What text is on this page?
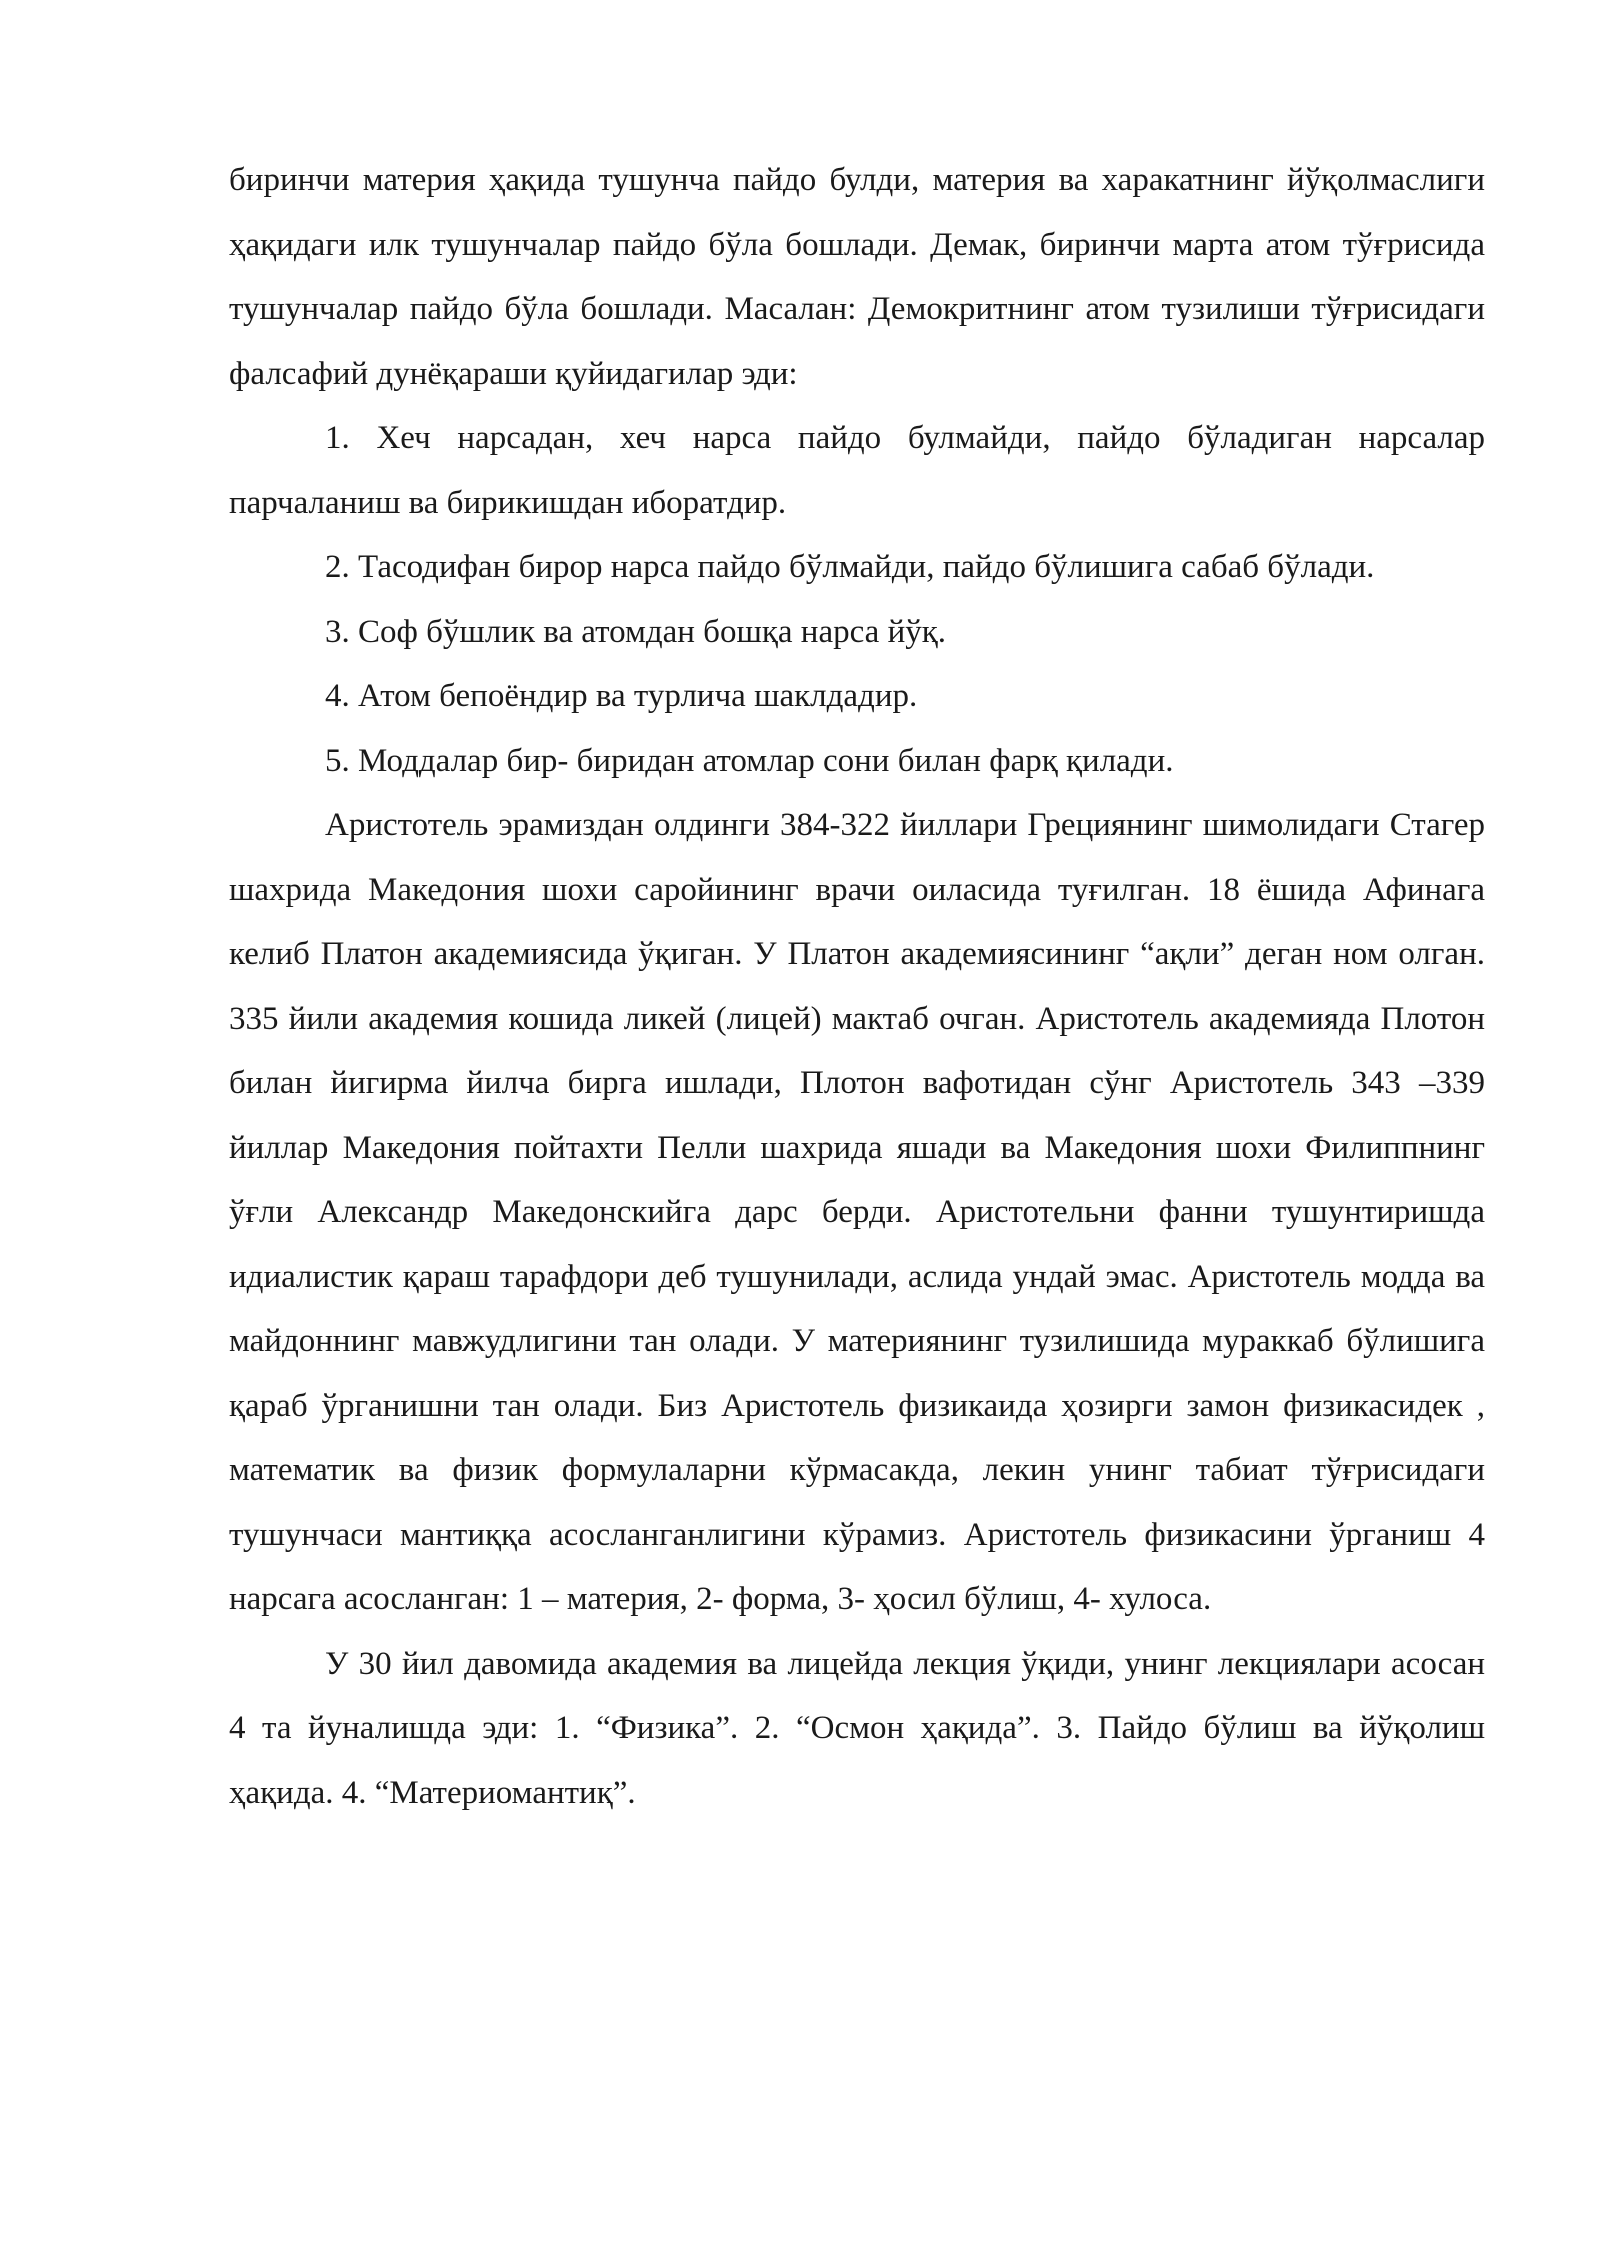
биринчи материя ҳақида тушунча пайдо булди, материя ва харакатнинг йўқолмаслиги ҳақидаги илк тушунчалар пайдо бўла бошлади. Демак, биринчи марта атом тўғрисида тушунчалар пайдо бўла бошлади. Масалан: Демокритнинг атом тузилиши тўғрисидаги фалсафий дунёқараши қуйидагилар эди:

1. Хеч нарсадан, хеч нарса пайдо булмайди, пайдо бўладиган нарсалар парчаланиш ва бирикишдан иборатдир.

2. Тасодифан бирор нарса пайдо бўлмайди, пайдо бўлишига сабаб бўлади.

3. Соф бўшлик ва атомдан бошқа нарса йўқ.

4. Атом бепоёндир ва турлича шаклдадир.

5. Моддалар бир- биридан атомлар сони билан фарқ қилади.

Аристотель эрамиздан олдинги 384-322 йиллари Грециянинг шимолидаги Стагер шахрида Македония шохи саройининг врачи оиласида туғилган. 18 ёшида Афинага келиб Платон академиясида ўқиган. У Платон академиясининг “ақли” деган ном олган. 335 йили академия кошида ликей (лицей) мактаб очган. Аристотель академияда Плотон билан йигирма йилча бирга ишлади, Плотон вафотидан сўнг Аристотель 343 –339 йиллар Македония пойтахти Пелли шахрида яшади ва Македония шохи Филиппнинг ўғли Александр Македонскийга дарс берди. Аристотельни фанни тушунтиришда идиалистик қараш тарафдори деб тушунилади, аслида ундай эмас. Аристотель модда ва майдоннинг мавжудлигини тан олади. У материянинг тузилишида мураккаб бўлишига қараб ўрганишни тан олади. Биз Аристотель физикаида ҳозирги замон физикасидек , математик ва физик формулаларни кўрмасакда, лекин унинг табиат тўғрисидаги тушунчаси мантиққа асосланганлигини кўрамиз. Аристотель физикасини ўрганиш 4 нарсага асосланган: 1 – материя, 2- форма, 3- ҳосил бўлиш, 4- хулоса.

У 30 йил давомида академия ва лицейда лекция ўқиди, унинг лекциялари асосан 4 та йуналишда эди: 1. “Физика”. 2. “Осмон ҳақида”. 3. Пайдо бўлиш ва йўқолиш ҳақида. 4. “Материомантиқ”.
